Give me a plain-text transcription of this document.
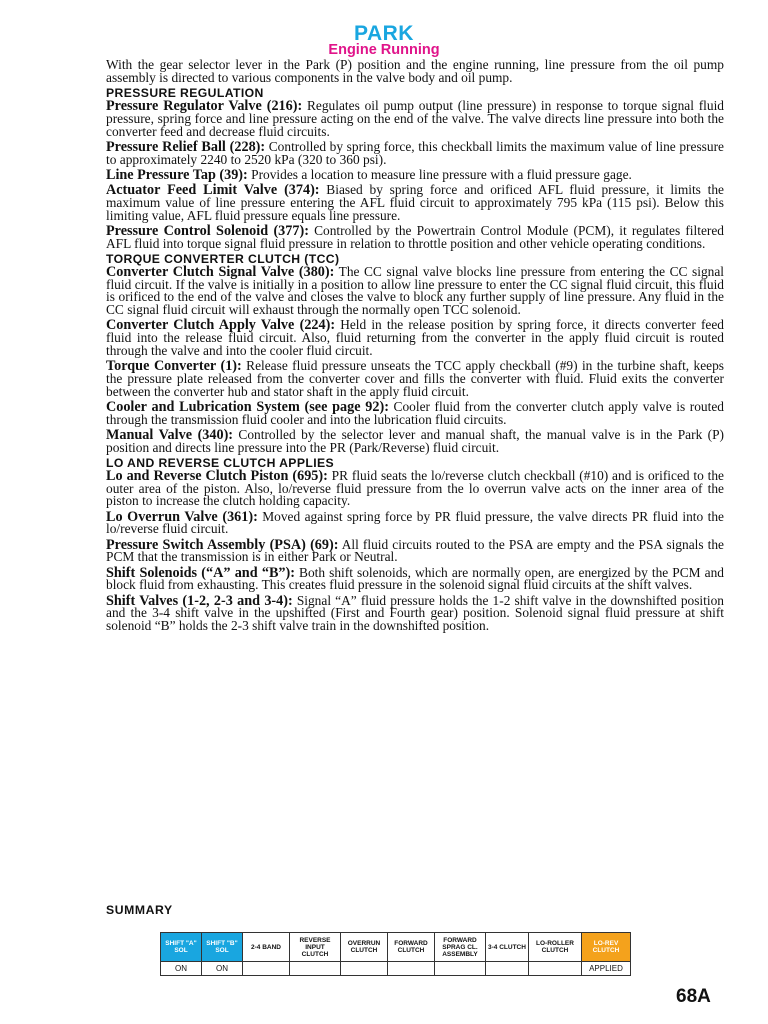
PARK
Engine Running

With the gear selector lever in the Park (P) position and the engine running, line pressure from the oil pump assembly is directed to various components in the valve body and oil pump.

PRESSURE REGULATION

Pressure Regulator Valve (216): Regulates oil pump output (line pressure) in response to torque signal fluid pressure, spring force and line pressure acting on the end of the valve. The valve directs line pressure into both the converter feed and decrease fluid circuits.

Pressure Relief Ball (228): Controlled by spring force, this checkball limits the maximum value of line pressure to approximately 2240 to 2520 kPa (320 to 360 psi).

Line Pressure Tap (39): Provides a location to measure line pressure with a fluid pressure gage.

Actuator Feed Limit Valve (374): Biased by spring force and orificed AFL fluid pressure, it limits the maximum value of line pressure entering the AFL fluid circuit to approximately 795 kPa (115 psi). Below this limiting value, AFL fluid pressure equals line pressure.

Pressure Control Solenoid (377): Controlled by the Powertrain Control Module (PCM), it regulates filtered AFL fluid into torque signal fluid pressure in relation to throttle position and other vehicle operating conditions.

TORQUE CONVERTER CLUTCH (TCC)

Converter Clutch Signal Valve (380): The CC signal valve blocks line pressure from entering the CC signal fluid circuit. If the valve is initially in a position to allow line pressure to enter the CC signal fluid circuit, this fluid is orificed to the end of the valve and closes the valve to block any further supply of line pressure. Any fluid in the CC signal fluid circuit will exhaust through the normally open TCC solenoid.

Converter Clutch Apply Valve (224): Held in the release position by spring force, it directs converter feed fluid into the release fluid circuit. Also, fluid returning from the converter in the apply fluid circuit is routed through the valve and into the cooler fluid circuit.

Torque Converter (1): Release fluid pressure unseats the TCC apply checkball (#9) in the turbine shaft, keeps the pressure plate released from the converter cover and fills the converter with fluid. Fluid exits the converter between the converter hub and stator shaft in the apply fluid circuit.

Cooler and Lubrication System (see page 92): Cooler fluid from the converter clutch apply valve is routed through the transmission fluid cooler and into the lubrication fluid circuits.

Manual Valve (340): Controlled by the selector lever and manual shaft, the manual valve is in the Park (P) position and directs line pressure into the PR (Park/Reverse) fluid circuit.

LO AND REVERSE CLUTCH APPLIES

Lo and Reverse Clutch Piston (695): PR fluid seats the lo/reverse clutch checkball (#10) and is orificed to the outer area of the piston. Also, lo/reverse fluid pressure from the lo overrun valve acts on the inner area of the piston to increase the clutch holding capacity.

Lo Overrun Valve (361): Moved against spring force by PR fluid pressure, the valve directs PR fluid into the lo/reverse fluid circuit.

Pressure Switch Assembly (PSA) (69): All fluid circuits routed to the PSA are empty and the PSA signals the PCM that the transmission is in either Park or Neutral.

Shift Solenoids (“A” and “B”): Both shift solenoids, which are normally open, are energized by the PCM and block fluid from exhausting. This creates fluid pressure in the solenoid signal fluid circuits at the shift valves.

Shift Valves (1-2, 2-3 and 3-4): Signal “A” fluid pressure holds the 1-2 shift valve in the downshifted position and the 3-4 shift valve in the upshifted (First and Fourth gear) position. Solenoid signal fluid pressure at shift solenoid “B” holds the 2-3 shift valve train in the downshifted position.

SUMMARY
SHIFT "A" SOL	SHIFT "B" SOL	2-4 BAND	REVERSE INPUT CLUTCH	OVERRUN CLUTCH	FORWARD CLUTCH	FORWARD SPRAG CL. ASSEMBLY	3-4 CLUTCH	LO-ROLLER CLUTCH	LO-REV CLUTCH
ON	ON								APPLIED
68A
